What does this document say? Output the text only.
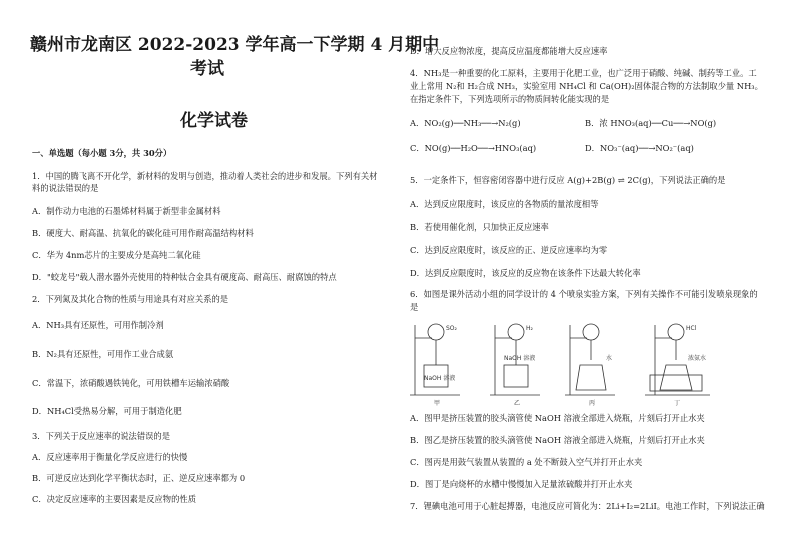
赣州市龙南区 2022-2023 学年高一下学期 4 月期中
考试
化学试卷
一、单选题（每小题 3分，共 30分）
1．中国的腾飞离不开化学，新材料的发明与创造，推动着人类社会的进步和发展。下列有关材
料的说法错误的是
A．制作动力电池的石墨烯材料属于新型非金属材料
B．硬度大、耐高温、抗氧化的碳化硅可用作耐高温结构材料
C．华为 4nm芯片的主要成分是高纯二氧化硅
D．"蛟龙号"载人潜水器外壳使用的特种钛合金具有硬度高、耐高压、耐腐蚀的特点
2．下列氮及其化合物的性质与用途具有对应关系的是
A．NH₃具有还原性，可用作制冷剂
B．N₂具有还原性，可用作工业合成氨
C．常温下，浓硝酸遇铁钝化，可用铁槽车运输浓硝酸
D．NH₄Cl受热易分解，可用于制造化肥
3．下列关于反应速率的说法错误的是
A．反应速率用于衡量化学反应进行的快慢
B．可逆反应达到化学平衡状态时，正、逆反应速率都为 0
C．决定反应速率的主要因素是反应物的性质
D．增大反应物浓度，提高反应温度都能增大反应速率
4．NH₃是一种重要的化工原料，主要用于化肥工业，也广泛用于硝酸、纯碱、制药等工业。工
业上常用 N₂和 H₂合成 NH₃，实验室用 NH₄Cl 和 Ca(OH)₂固体混合物的方法制取少量 NH₃。
在指定条件下，下列选项所示的物质间转化能实现的是
A．NO₂(g)──NH₃──→N₂(g)	B．浓 HNO₃(aq)──Cu──→NO(g)
C．NO(g)──H₂O──→HNO₃(aq)	D．NO₃⁻(aq)──→NO₂⁻(aq)
5．一定条件下，恒容密闭容器中进行反应 A(g)+2B(g) ⇌ 2C(g)，下列说法正确的是
A．达到反应限度时，该反应的各物质的量浓度相等
B．若使用催化剂，只加快正反应速率
C．达到反应限度时，该反应的正、逆反应速率均为零
D．达到反应限度时，该反应的反应物在该条件下达最大转化率
6．如图是课外活动小组的同学设计的 4 个喷泉实验方案，下列有关操作不可能引发喷泉现象的
是
SO₂	H₂	HCl
NaOH 溶液
NaOH 溶液	水	浓氨水
甲	乙	丙	丁
A．图甲是挤压装置的胶头滴管使 NaOH 溶液全部进入烧瓶，片刻后打开止水夹
B．图乙是挤压装置的胶头滴管使 NaOH 溶液全部进入烧瓶，片刻后打开止水夹
C．图丙是用鼓气装置从装置的 a 处不断鼓入空气并打开止水夹
D．图丁是向烧杯的水槽中慢慢加入足量浓硫酸并打开止水夹
7．锂碘电池可用于心脏起搏器，电池反应可简化为：2Li+I₂=2LiI。电池工作时，下列说法正确
